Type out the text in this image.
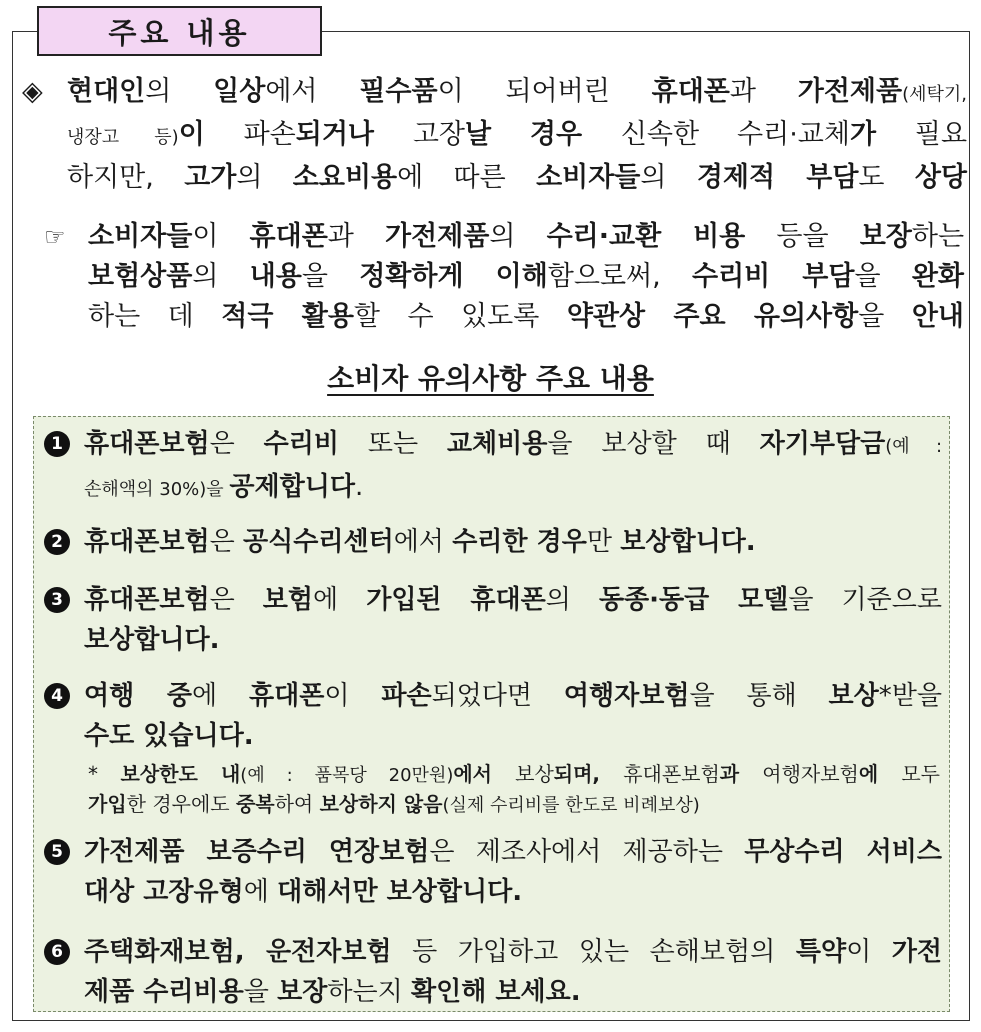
주요 내용
◈ 현대인의 일상에서 필수품이 되어버린 휴대폰과 가전제품(세탁기,
냉장고 등)이 파손되거나 고장날 경우 신속한 수리·교체가 필요
하지만, 고가의 소요비용에 따른 소비자들의 경제적 부담도 상당
☞ 소비자들이 휴대폰과 가전제품의 수리·교환 비용 등을 보장하는
보험상품의 내용을 정확하게 이해함으로써, 수리비 부담을 완화
하는 데 적극 활용할 수 있도록 약관상 주요 유의사항을 안내
소비자 유의사항 주요 내용
1 휴대폰보험은 수리비 또는 교체비용을 보상할 때 자기부담금(예 :
손해액의 30%)을 공제합니다.
2 휴대폰보험은 공식수리센터에서 수리한 경우만 보상합니다.
3 휴대폰보험은 보험에 가입된 휴대폰의 동종·동급 모델을 기준으로
보상합니다.
4 여행 중에 휴대폰이 파손되었다면 여행자보험을 통해 보상*받을
수도 있습니다.
* 보상한도 내(예 : 품목당 20만원)에서 보상되며, 휴대폰보험과 여행자보험에 모두
가입한 경우에도 중복하여 보상하지 않음(실제 수리비를 한도로 비례보상)
5 가전제품 보증수리 연장보험은 제조사에서 제공하는 무상수리 서비스
대상 고장유형에 대해서만 보상합니다.
6 주택화재보험, 운전자보험 등 가입하고 있는 손해보험의 특약이 가전
제품 수리비용을 보장하는지 확인해 보세요.
